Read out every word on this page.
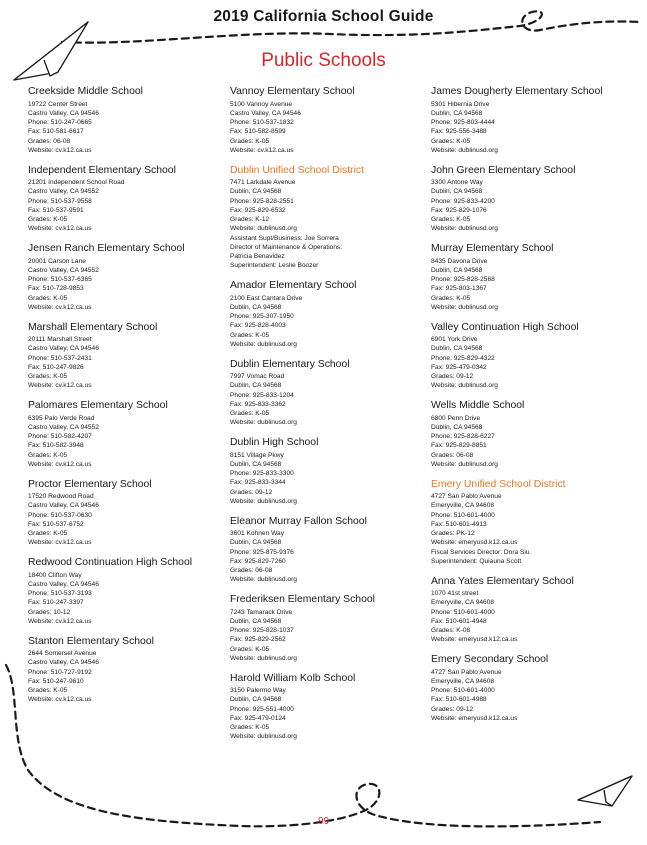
2019 California School Guide
Public Schools
Creekside Middle School
19722 Center Street
Castro Valley, CA 94546
Phone: 510-247-0665
Fax: 510-581-6617
Grades: 06-08
Website: cv.k12.ca.us
Independent Elementary School
21201 Independent School Road
Castro Valley, CA 94552
Phone: 510-537-9558
Fax: 510-537-9591
Grades: K-05
Website: cv.k12.ca.us
Jensen Ranch Elementary School
20001 Carson Lane
Castro Valley, CA 94552
Phone: 510-537-6365
Fax: 510-728-9853
Grades: K-05
Website: cv.k12.ca.us
Marshall Elementary School
20111 Marshall Street
Castro Valley, CA 94546
Phone: 510-537-2431
Fax: 510-247-9826
Grades: K-05
Website: cv.k12.ca.us
Palomares Elementary School
6395 Palo Verde Road
Castro Valley, CA 94552
Phone: 510-582-4207
Fax: 510-582-3948
Grades: K-05
Website: cv.k12.ca.us
Proctor Elementary School
17520 Redwood Road
Castro Valley, CA 94546
Phone: 510-537-0630
Fax: 510-537-6752
Grades: K-05
Website: cv.k12.ca.us
Redwood Continuation High School
18400 Clifton Way
Castro Valley, CA 94546
Phone: 510-537-3193
Fax: 510-247-3397
Grades: 10-12
Website: cv.k12.ca.us
Stanton Elementary School
2644 Somerset Avenue
Castro Valley, CA 94546
Phone: 510-727-9192
Fax: 510-247-9610
Grades: K-05
Website: cv.k12.ca.us
Vannoy Elementary School
5100 Vannoy Avenue
Castro Valley, CA 94546
Phone: 510-537-1832
Fax: 510-582-8599
Grades: K-05
Website: cv.k12.ca.us
Dublin Unified School District
7471 Larkdale Avenue
Dublin, CA 94568
Phone: 925-828-2551
Fax: 925-829-6532
Grades: K-12
Website: dublinusd.org
Assistant Supt/Business: Joe Sorrera
Director of Maintenance & Operations:
Patricia Benavidez
Superintendent: Leslie Boozer
Amador Elementary School
2100 East Cantara Drive
Dublin, CA 94568
Phone: 925-307-1950
Fax: 925-828-4003
Grades: K-05
Website: dublinusd.org
Dublin Elementary School
7997 Vomac Road
Dublin, CA 94568
Phone: 925-833-1204
Fax: 925-833-3362
Grades: K-05
Website: dublinusd.org
Dublin High School
8151 Village Pkwy
Dublin, CA 94568
Phone: 925-833-3300
Fax: 925-833-3344
Grades: 09-12
Website: dublinusd.org
Eleanor Murray Fallon School
3601 Kohnen Way
Dublin, CA 94568
Phone: 925-875-9376
Fax: 925-829-7260
Grades: 06-08
Website: dublinusd.org
Frederiksen Elementary School
7243 Tamarack Drive
Dublin, CA 94568
Phone: 925-828-1037
Fax: 925-829-2562
Grades: K-05
Website: dublinusd.org
Harold William Kolb School
3150 Palermo Way
Dublin, CA 94568
Phone: 925-551-4000
Fax: 925-479-0124
Grades: K-05
Website: dublinusd.org
James Dougherty Elementary School
5301 Hibernia Drive
Dublin, CA 94568
Phone: 925-803-4444
Fax: 925-556-3488
Grades: K-05
Website: dublinusd.org
John Green Elementary School
3300 Antone Way
Dublin, CA 94568
Phone: 925-833-4200
Fax: 925-829-1076
Grades: K-05
Website: dublinusd.org
Murray Elementary School
8435 Davona Drive
Dublin, CA 94568
Phone: 925-828-2568
Fax: 925-803-1367
Grades: K-05
Website: dublinusd.org
Valley Continuation High School
6901 York Drive
Dublin, CA 94568
Phone: 925-829-4322
Fax: 925-479-0342
Grades: 09-12
Website: dublinusd.org
Wells Middle School
6800 Penn Drive
Dublin, CA 94568
Phone: 925-828-6227
Fax: 925-829-8851
Grades: 06-08
Website: dublinusd.org
Emery Unified School District
4727 San Pablo Avenue
Emeryville, CA 94608
Phone: 510-601-4000
Fax: 510-601-4913
Grades: PK-12
Website: emeryusd.k12.ca.us
Fiscal Services Director: Dora Siu
Superintendent: Quiauna Scott
Anna Yates Elementary School
1070 41st street
Emeryville, CA 94608
Phone: 510-601-4000
Fax: 510-601-4948
Grades: K-08
Website: emeryusd.k12.ca.us
Emery Secondary School
4727 San Pablo Avenue
Emeryville, CA 94608
Phone: 510-601-4000
Fax: 510-601-4988
Grades: 09-12
Website: emeryusd.k12.ca.us
99
